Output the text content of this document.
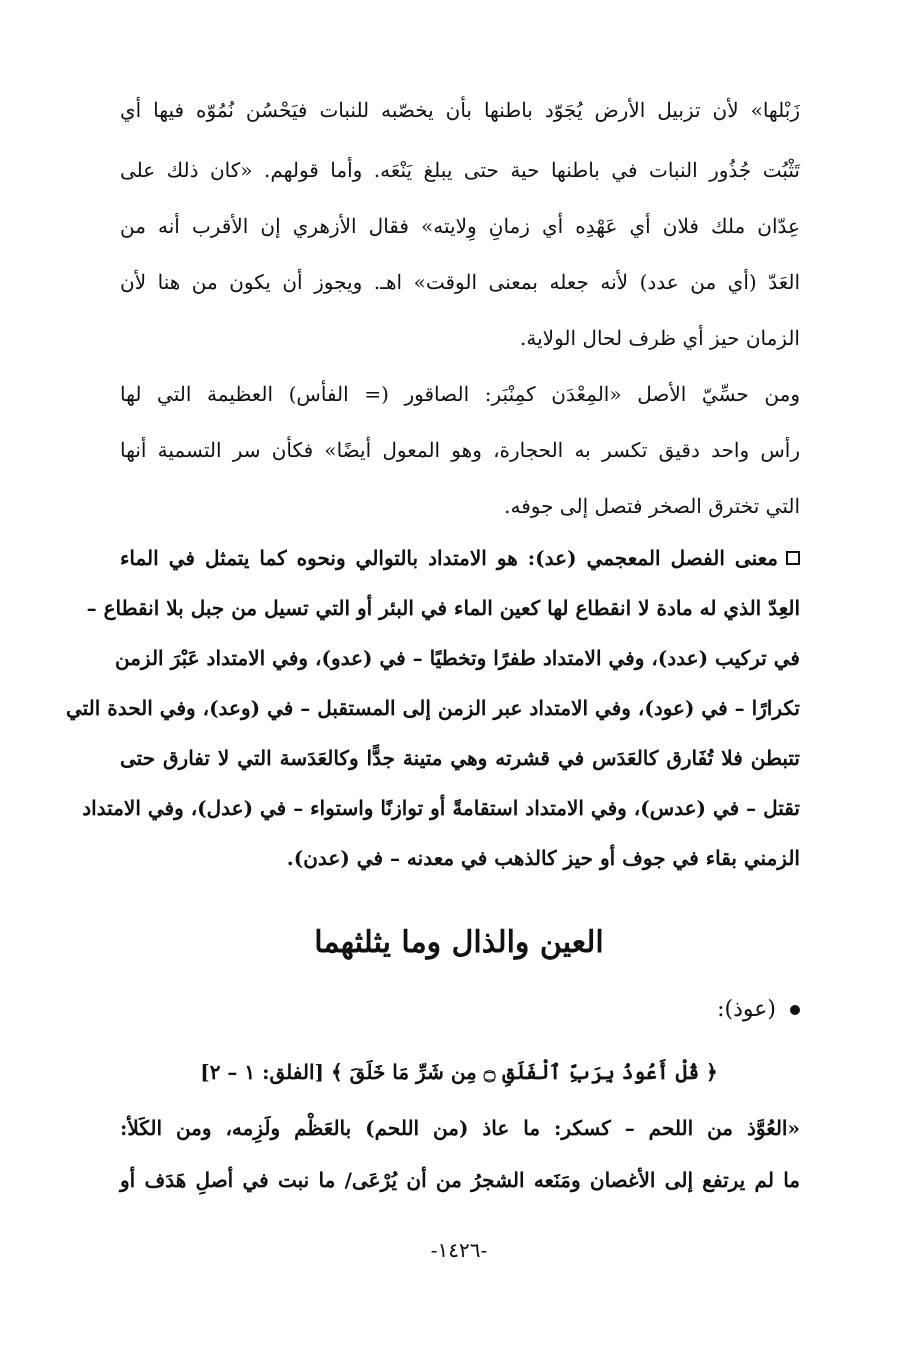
زَبْلها» لأن تزبيل الأرض يُجَوّد باطنها بأن يخصّبه للنبات فيَحْسُن نُمُوّه فيها أي
تَثْبُت جُذُور النبات في باطنها حية حتى يبلغ يَنْعَه. وأما قولهم. «كان ذلك على
عِدّان ملك فلان أي عَهْدِه أي زمانِ وِلايته» فقال الأزهري إن الأقرب أنه من
العَدّ (أي من عدد) لأنه جعله بمعنى الوقت» اهـ. ويجوز أن يكون من هنا لأن
الزمان حيز أي ظرف لحال الولاية.
ومن حسِّيّ الأصل «المِعْدَن كمِنْبَر: الصاقور (= الفأس) العظيمة التي لها
رأس واحد دقيق تكسر به الحجارة، وهو المعول أيضًا» فكأن سر التسمية أنها
التي تخترق الصخر فتصل إلى جوفه.
معنى الفصل المعجمي (عد): هو الامتداد بالتوالي ونحوه كما يتمثل في الماء
العِدّ الذي له مادة لا انقطاع لها كعين الماء في البئر أو التي تسيل من جبل بلا انقطاع –
في تركيب (عدد)، وفي الامتداد طفرًا وتخطيًا – في (عدو)، وفي الامتداد عَبْرَ الزمن
تكرارًا – في (عود)، وفي الامتداد عبر الزمن إلى المستقبل – في (وعد)، وفي الحدة التي
تتبطن فلا تُفَارق كالعَدَس في قشرته وهي متينة جدًّا وكالعَدَسة التي لا تفارق حتى
تقتل – في (عدس)، وفي الامتداد استقامةً أو توازنًا واستواء – في (عدل)، وفي الامتداد
الزمني بقاء في جوف أو حيز كالذهب في معدنه – في (عدن).
العين والذال وما يثلثهما
(عوذ):
﴿ قُلْ أَعُوذُ بِرَبِّ ٱلْفَلَقِ ۝ مِن شَرِّ مَا خَلَقَ ﴾ [الفلق: ١ – ٢]
«العُوَّذ من اللحم – كسكر: ما عاذ (من اللحم) بالعَظْم ولَزِمه، ومن الكَلأ:
ما لم يرتفع إلى الأغصان ومَنَعه الشجرُ من أن يُرْعَى/ ما نبت في أصلِ هَدَف أو
-١٤٢٦-
